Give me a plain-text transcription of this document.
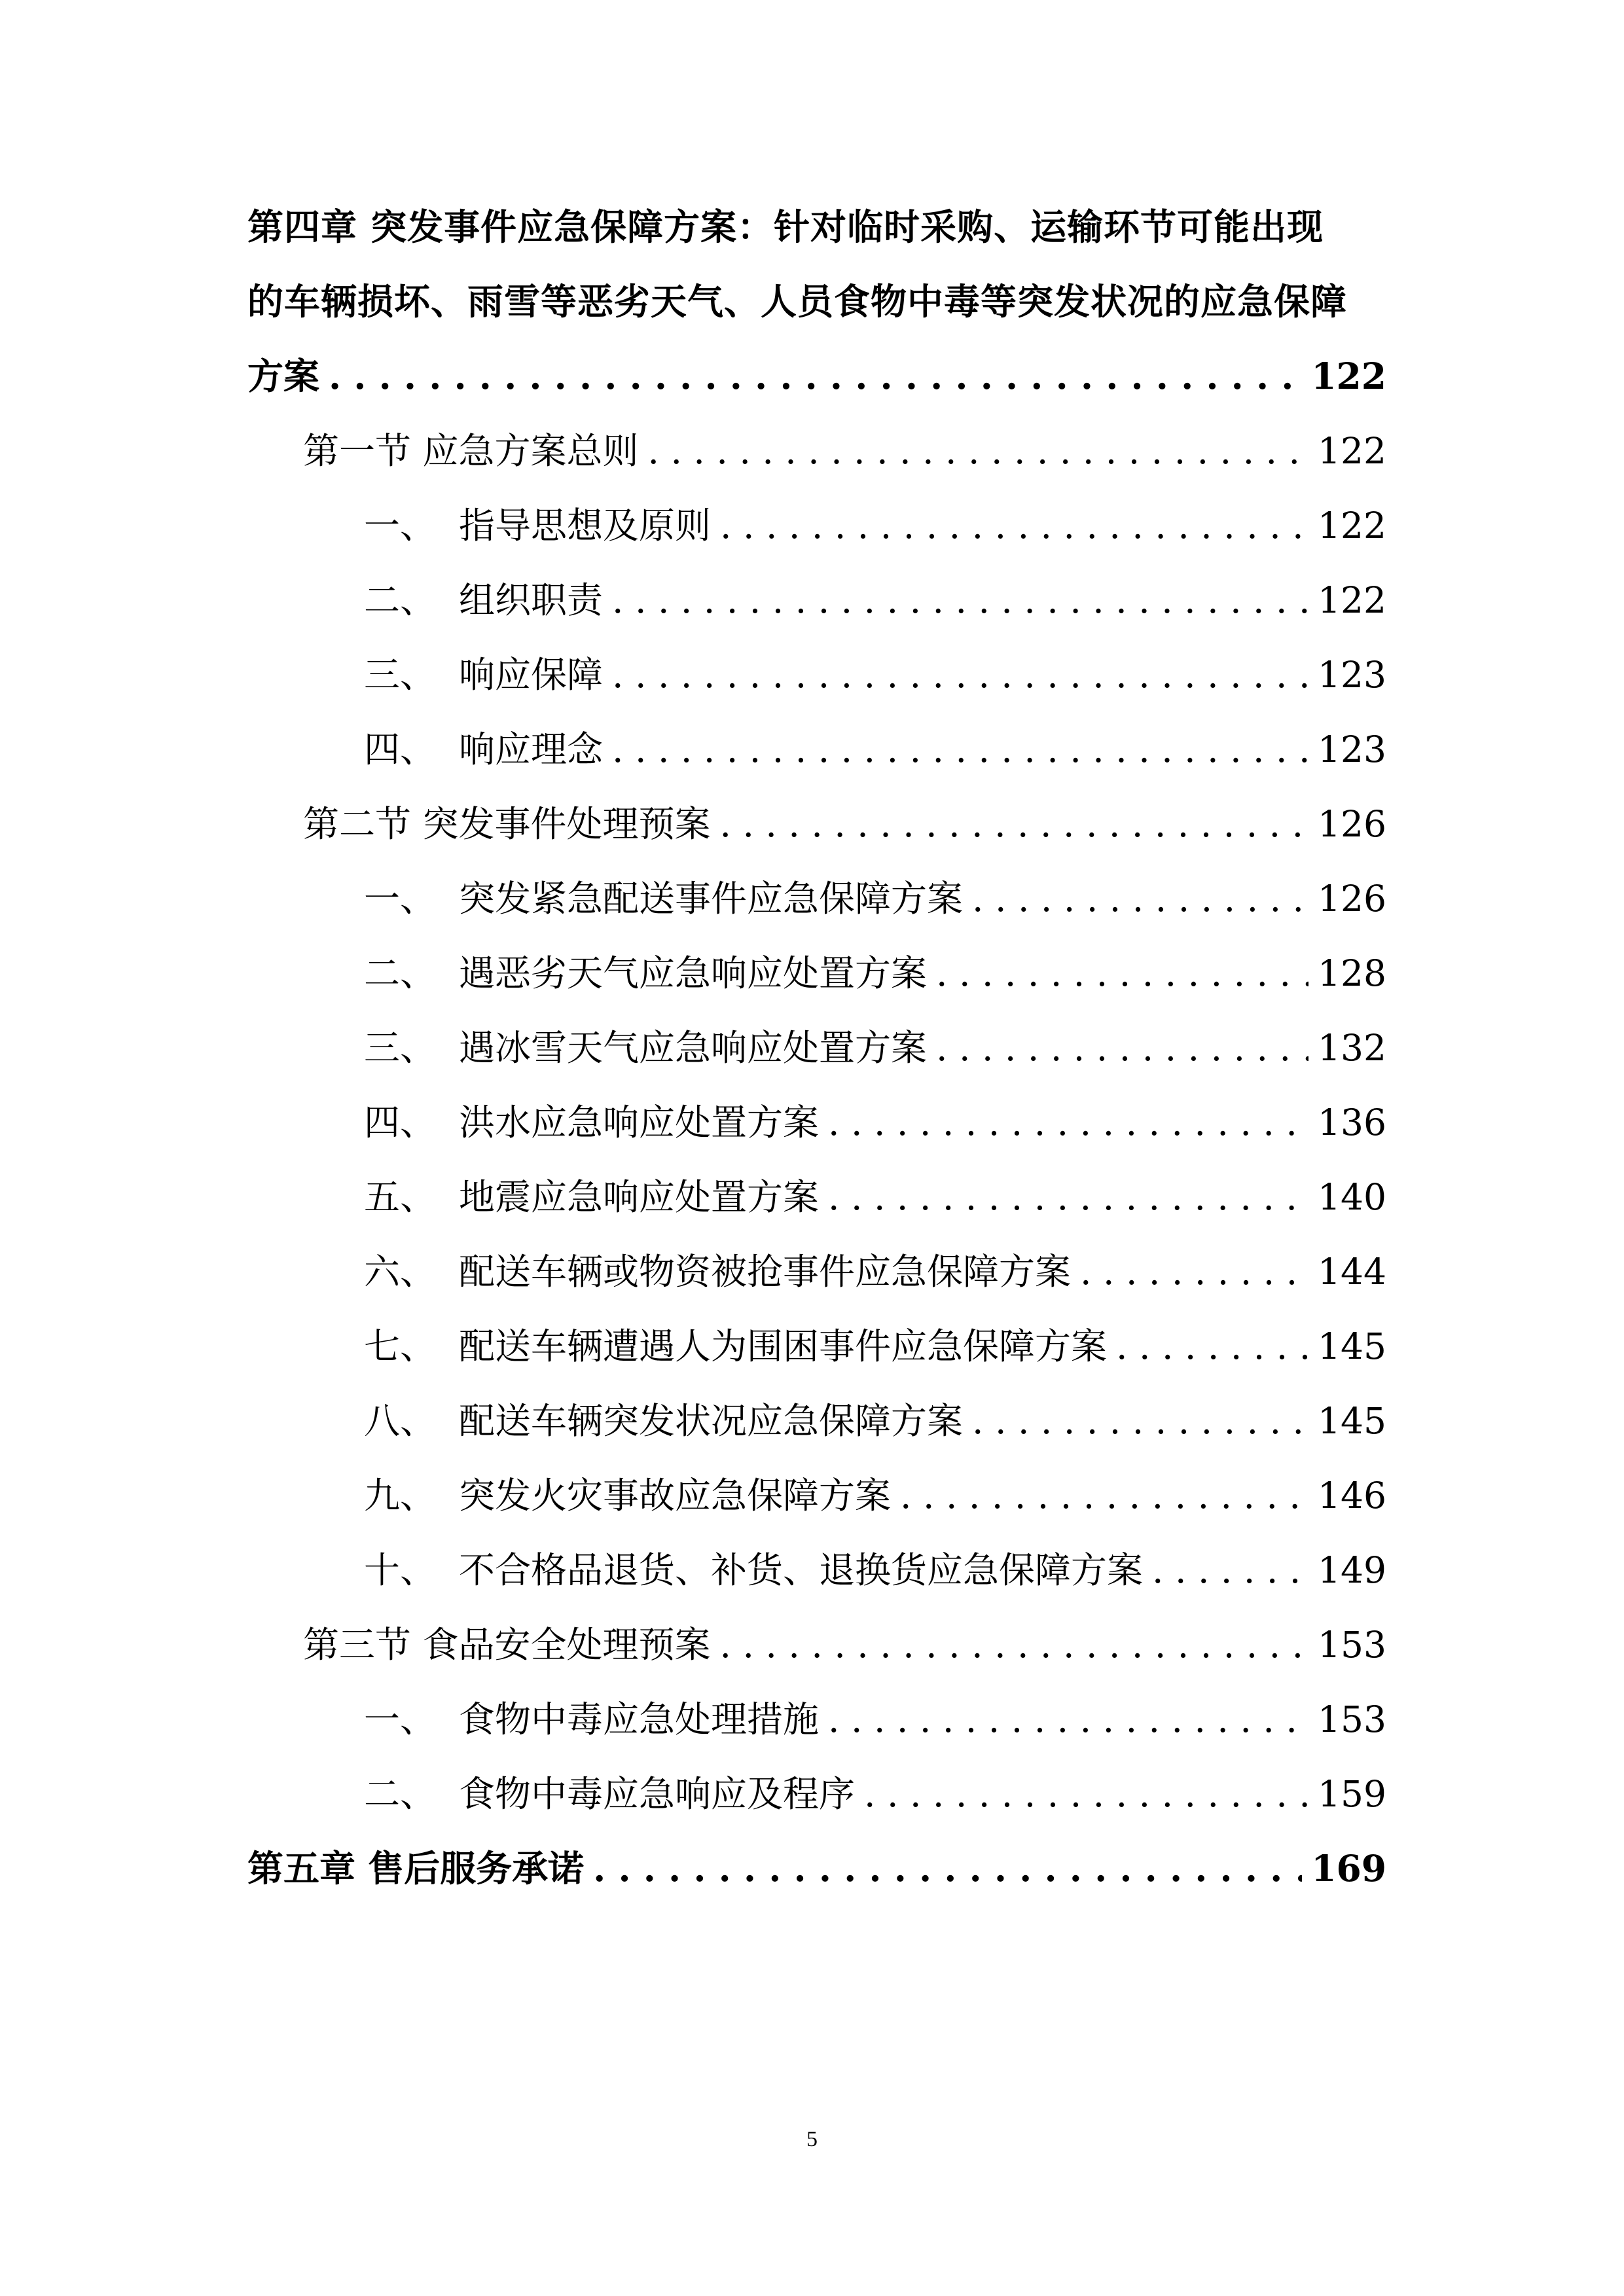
第四章 突发事件应急保障方案：针对临时采购、运输环节可能出现
的车辆损坏、雨雪等恶劣天气、人员食物中毒等突发状况的应急保障
方案 . . .	122
第一节 应急方案总则 . . .	122
一、 指导思想及原则 . . .	122
二、 组织职责 . . .	122
三、 响应保障 . . .	123
四、 响应理念 . . .	123
第二节 突发事件处理预案 . . .	126
一、 突发紧急配送事件应急保障方案 . . .	126
二、 遇恶劣天气应急响应处置方案 . . .	128
三、 遇冰雪天气应急响应处置方案 . . .	132
四、 洪水应急响应处置方案 . . .	136
五、 地震应急响应处置方案 . . .	140
六、 配送车辆或物资被抢事件应急保障方案 . . .	144
七、 配送车辆遭遇人为围困事件应急保障方案 . . .	145
八、 配送车辆突发状况应急保障方案 . . .	145
九、 突发火灾事故应急保障方案 . . .	146
十、 不合格品退货、补货、退换货应急保障方案 . . .	149
第三节 食品安全处理预案 . . .	153
一、 食物中毒应急处理措施 . . .	153
二、 食物中毒应急响应及程序 . . .	159
第五章 售后服务承诺 . . .	169
5
